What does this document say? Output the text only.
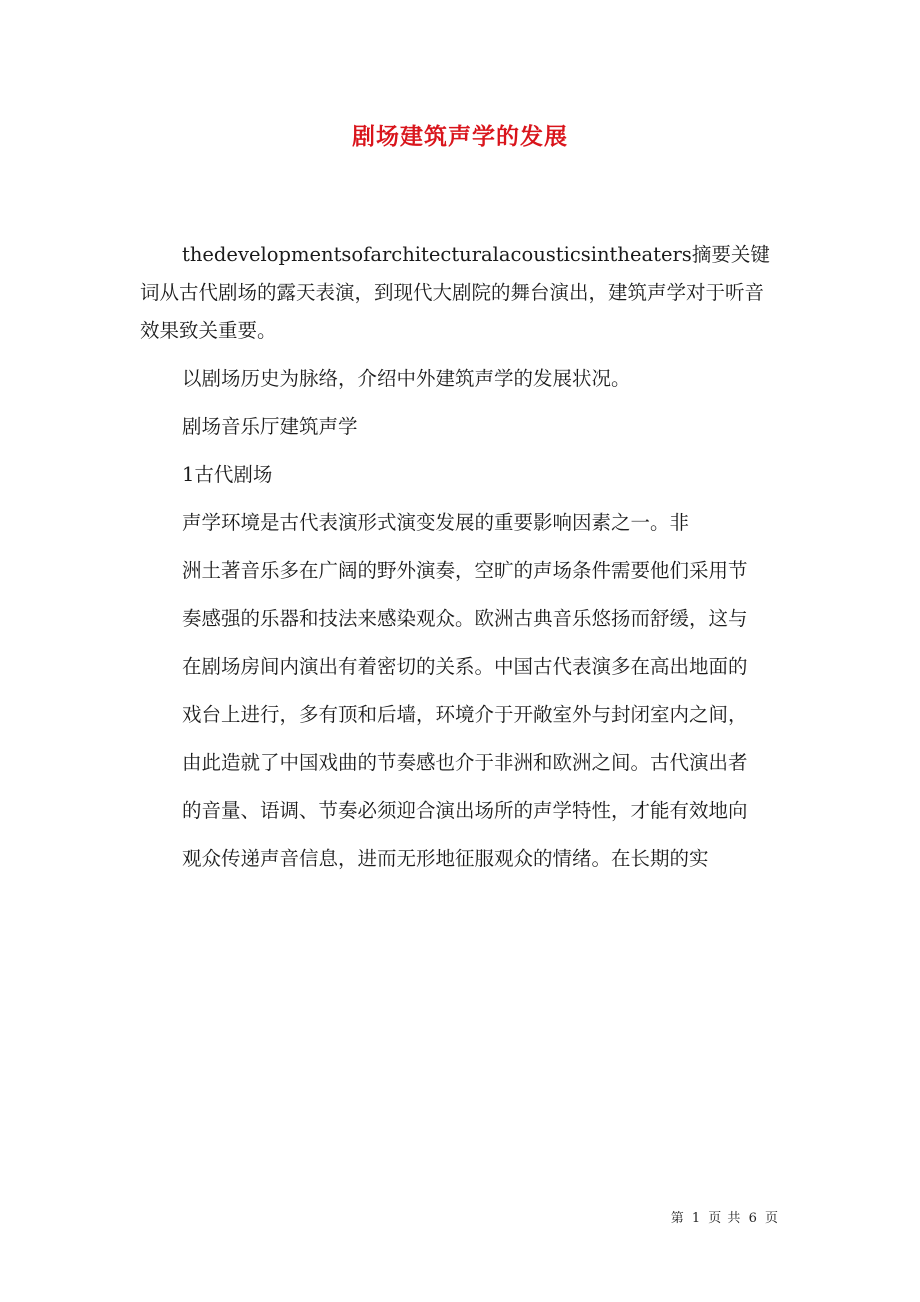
剧场建筑声学的发展

thedevelopmentsofarchitecturalacousticsintheaters摘要关键词从古代剧场的露天表演，到现代大剧院的舞台演出，建筑声学对于听音效果致关重要。

以剧场历史为脉络，介绍中外建筑声学的发展状况。

剧场音乐厅建筑声学

1古代剧场

声学环境是古代表演形式演变发展的重要影响因素之一。非

洲土著音乐多在广阔的野外演奏，空旷的声场条件需要他们采用节

奏感强的乐器和技法来感染观众。欧洲古典音乐悠扬而舒缓，这与

在剧场房间内演出有着密切的关系。中国古代表演多在高出地面的

戏台上进行，多有顶和后墙，环境介于开敞室外与封闭室内之间，

由此造就了中国戏曲的节奏感也介于非洲和欧洲之间。古代演出者

的音量、语调、节奏必须迎合演出场所的声学特性，才能有效地向

观众传递声音信息，进而无形地征服观众的情绪。在长期的实

第 1 页 共 6 页
